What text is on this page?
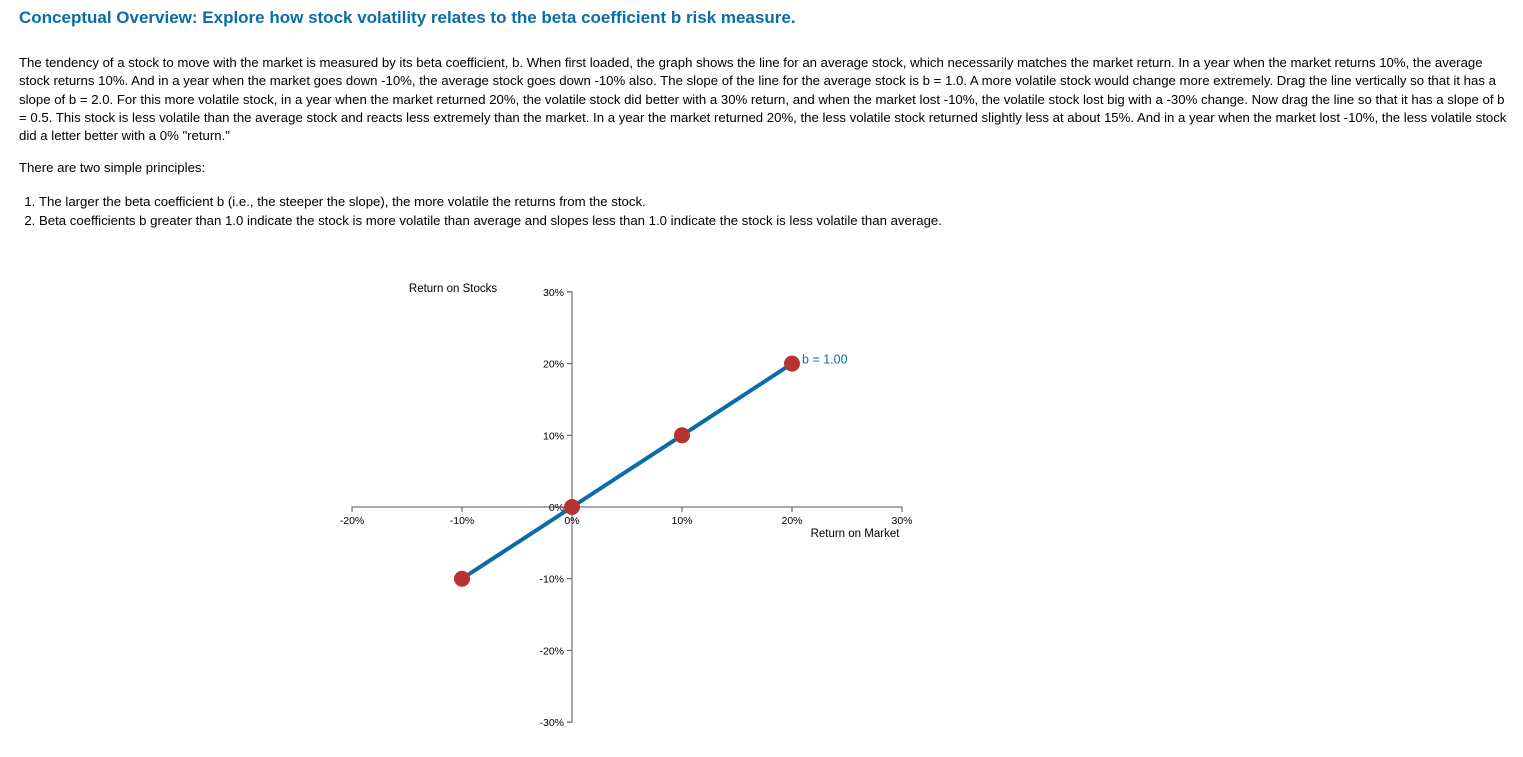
Conceptual Overview: Explore how stock volatility relates to the beta coefficient b risk measure.

The tendency of a stock to move with the market is measured by its beta coefficient, b. When first loaded, the graph shows the line for an average stock, which necessarily matches the market return. In a year when the market returns 10%, the average stock returns 10%. And in a year when the market goes down -10%, the average stock goes down -10% also. The slope of the line for the average stock is b = 1.0. A more volatile stock would change more extremely. Drag the line vertically so that it has a slope of b = 2.0. For this more volatile stock, in a year when the market returned 20%, the volatile stock did better with a 30% return, and when the market lost -10%, the volatile stock lost big with a -30% change. Now drag the line so that it has a slope of b = 0.5. This stock is less volatile than the average stock and reacts less extremely than the market. In a year the market returned 20%, the less volatile stock returned slightly less at about 15%. And in a year when the market lost -10%, the less volatile stock did a letter better with a 0% "return."

There are two simple principles:

1. The larger the beta coefficient b (i.e., the steeper the slope), the more volatile the returns from the stock.
2. Beta coefficients b greater than 1.0 indicate the stock is more volatile than average and slopes less than 1.0 indicate the stock is less volatile than average.
-20%	-10%	0%	10%	20%	30%
30%
20%
10%
0%
-10%
-20%
-30%
Return on Stocks
Return on Market
b = 1.00
